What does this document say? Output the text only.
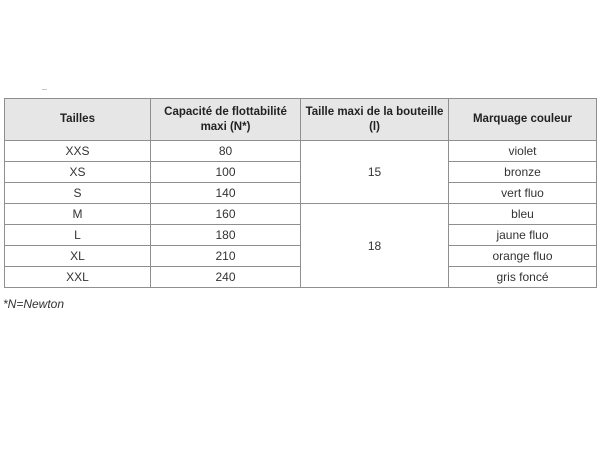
Tailles	Capacité de flottabilité maxi (N*)	Taille maxi de la bouteille (l)	Marquage couleur
XXS	80	15	violet
XS	100		bronze
S	140		vert fluo
M	160	18	bleu
L	180		jaune fluo
XL	210		orange fluo
XXL	240		gris foncé
*N=Newton
